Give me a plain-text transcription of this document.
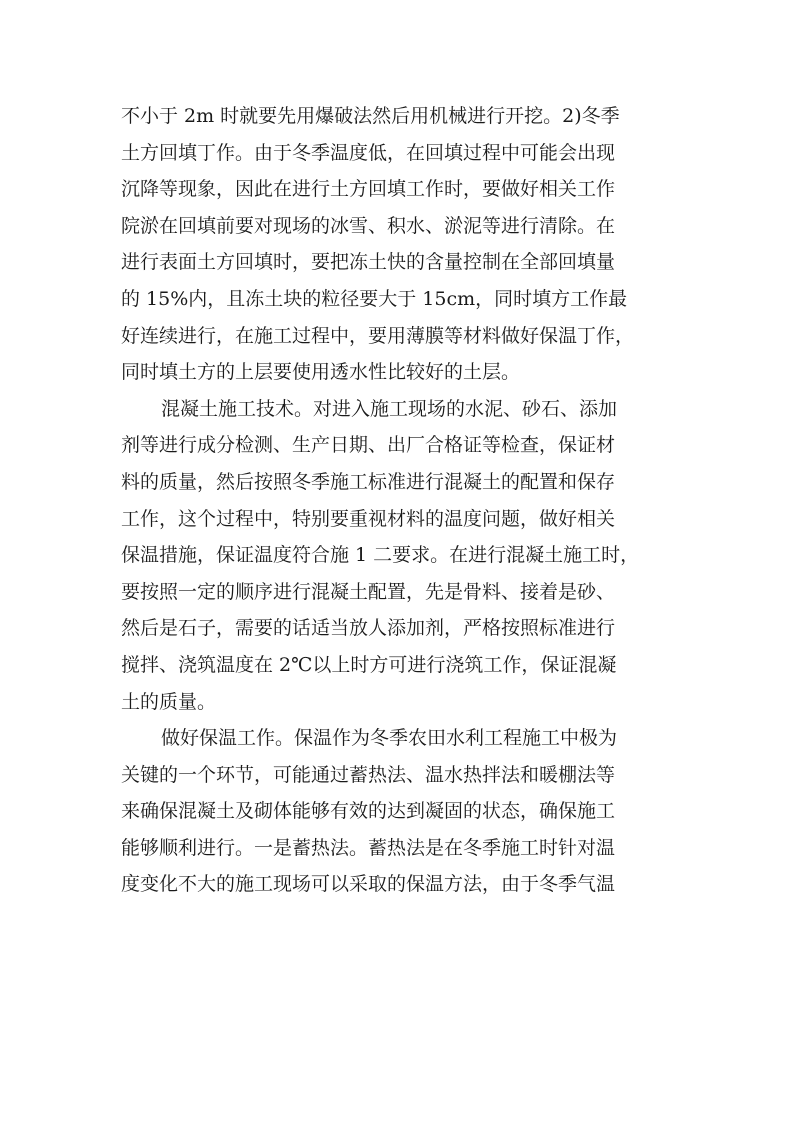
不小于 2m 时就要先用爆破法然后用机械进行开挖。2)冬季
土方回填丁作。由于冬季温度低，在回填过程中可能会出现
沉降等现象，因此在进行土方回填工作时，要做好相关工作
院淤在回填前要对现场的冰雪、积水、淤泥等进行清除。在
进行表面土方回填时，要把冻土快的含量控制在全部回填量
的 15%内，且冻土块的粒径要大于 15cm，同时填方工作最
好连续进行，在施工过程中，要用薄膜等材料做好保温丁作，
同时填土方的上层要使用透水性比较好的土层。
混凝土施工技术。对进入施工现场的水泥、砂石、添加
剂等进行成分检测、生产日期、出厂合格证等检查，保证材
料的质量，然后按照冬季施工标准进行混凝土的配置和保存
工作，这个过程中，特别要重视材料的温度问题，做好相关
保温措施，保证温度符合施 1 二要求。在进行混凝土施工时，
要按照一定的顺序进行混凝土配置，先是骨料、接着是砂、
然后是石子，需要的话适当放人添加剂，严格按照标准进行
搅拌、浇筑温度在 2℃以上时方可进行浇筑工作，保证混凝
土的质量。
做好保温工作。保温作为冬季农田水利工程施工中极为
关键的一个环节，可能通过蓄热法、温水热拌法和暖棚法等
来确保混凝土及砌体能够有效的达到凝固的状态，确保施工
能够顺利进行。一是蓄热法。蓄热法是在冬季施工时针对温
度变化不大的施工现场可以采取的保温方法，由于冬季气温
